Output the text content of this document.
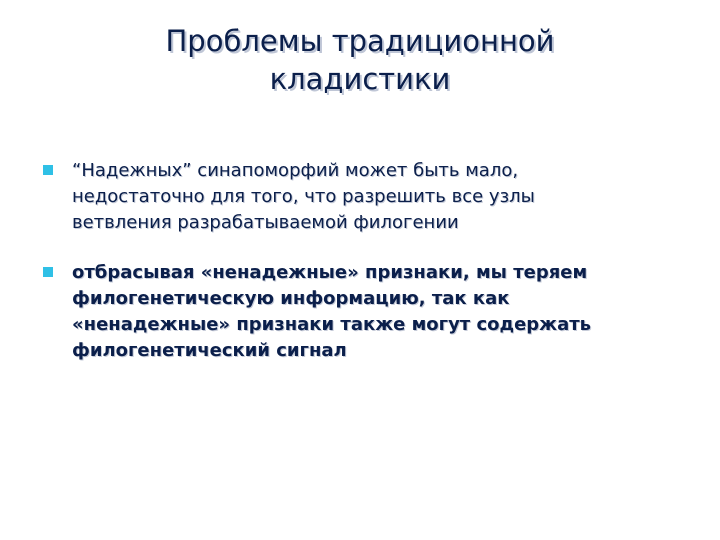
Проблемы традиционной
кладистики
“Надежных” синапоморфий может быть мало,
недостаточно для того, что разрешить все узлы
ветвления разрабатываемой филогении
отбрасывая «ненадежные» признаки, мы теряем
филогенетическую информацию, так как
«ненадежные» признаки также могут содержать
филогенетический сигнал
